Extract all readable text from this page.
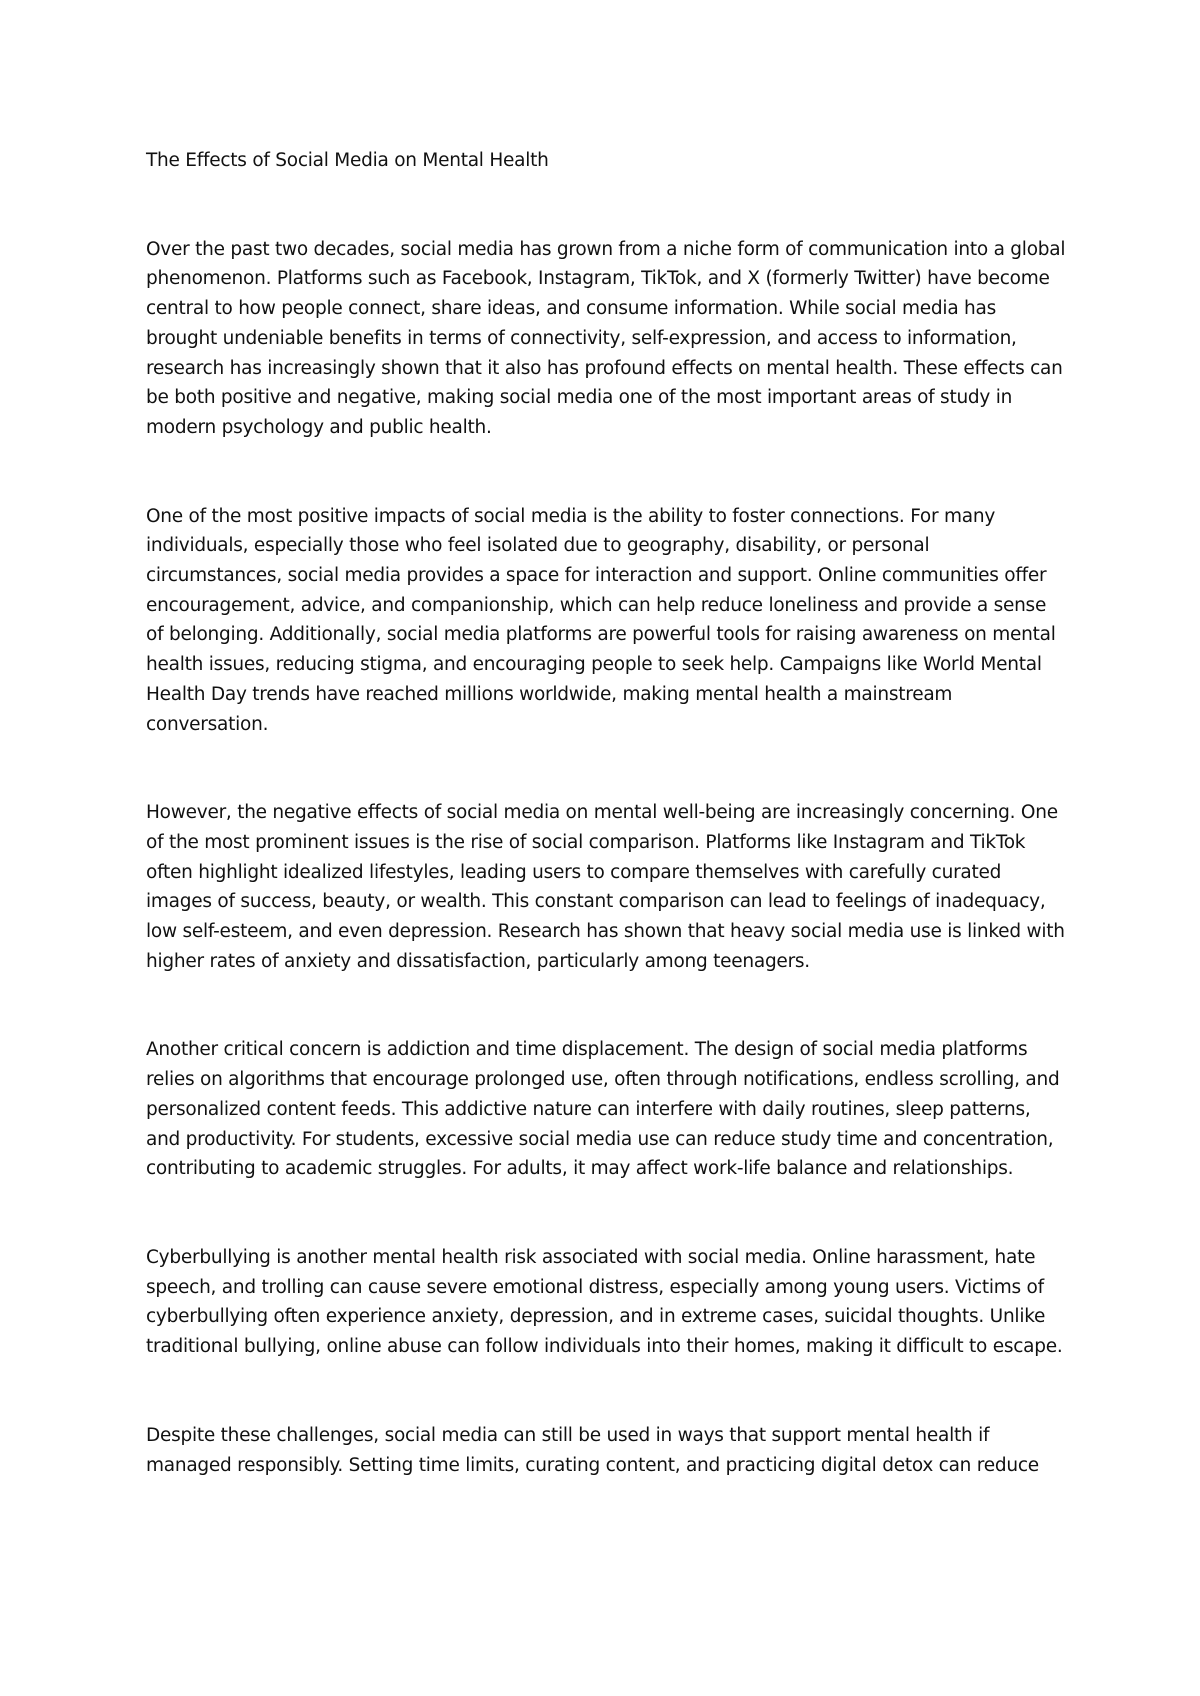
The Effects of Social Media on Mental Health

Over the past two decades, social media has grown from a niche form of communication into a global phenomenon. Platforms such as Facebook, Instagram, TikTok, and X (formerly Twitter) have become central to how people connect, share ideas, and consume information. While social media has brought undeniable benefits in terms of connectivity, self-expression, and access to information, research has increasingly shown that it also has profound effects on mental health. These effects can be both positive and negative, making social media one of the most important areas of study in modern psychology and public health.

One of the most positive impacts of social media is the ability to foster connections. For many individuals, especially those who feel isolated due to geography, disability, or personal circumstances, social media provides a space for interaction and support. Online communities offer encouragement, advice, and companionship, which can help reduce loneliness and provide a sense of belonging. Additionally, social media platforms are powerful tools for raising awareness on mental health issues, reducing stigma, and encouraging people to seek help. Campaigns like World Mental Health Day trends have reached millions worldwide, making mental health a mainstream conversation.

However, the negative effects of social media on mental well-being are increasingly concerning. One of the most prominent issues is the rise of social comparison. Platforms like Instagram and TikTok often highlight idealized lifestyles, leading users to compare themselves with carefully curated images of success, beauty, or wealth. This constant comparison can lead to feelings of inadequacy, low self-esteem, and even depression. Research has shown that heavy social media use is linked with higher rates of anxiety and dissatisfaction, particularly among teenagers.

Another critical concern is addiction and time displacement. The design of social media platforms relies on algorithms that encourage prolonged use, often through notifications, endless scrolling, and personalized content feeds. This addictive nature can interfere with daily routines, sleep patterns, and productivity. For students, excessive social media use can reduce study time and concentration, contributing to academic struggles. For adults, it may affect work-life balance and relationships.

Cyberbullying is another mental health risk associated with social media. Online harassment, hate speech, and trolling can cause severe emotional distress, especially among young users. Victims of cyberbullying often experience anxiety, depression, and in extreme cases, suicidal thoughts. Unlike traditional bullying, online abuse can follow individuals into their homes, making it difficult to escape.

Despite these challenges, social media can still be used in ways that support mental health if managed responsibly. Setting time limits, curating content, and practicing digital detox can reduce
